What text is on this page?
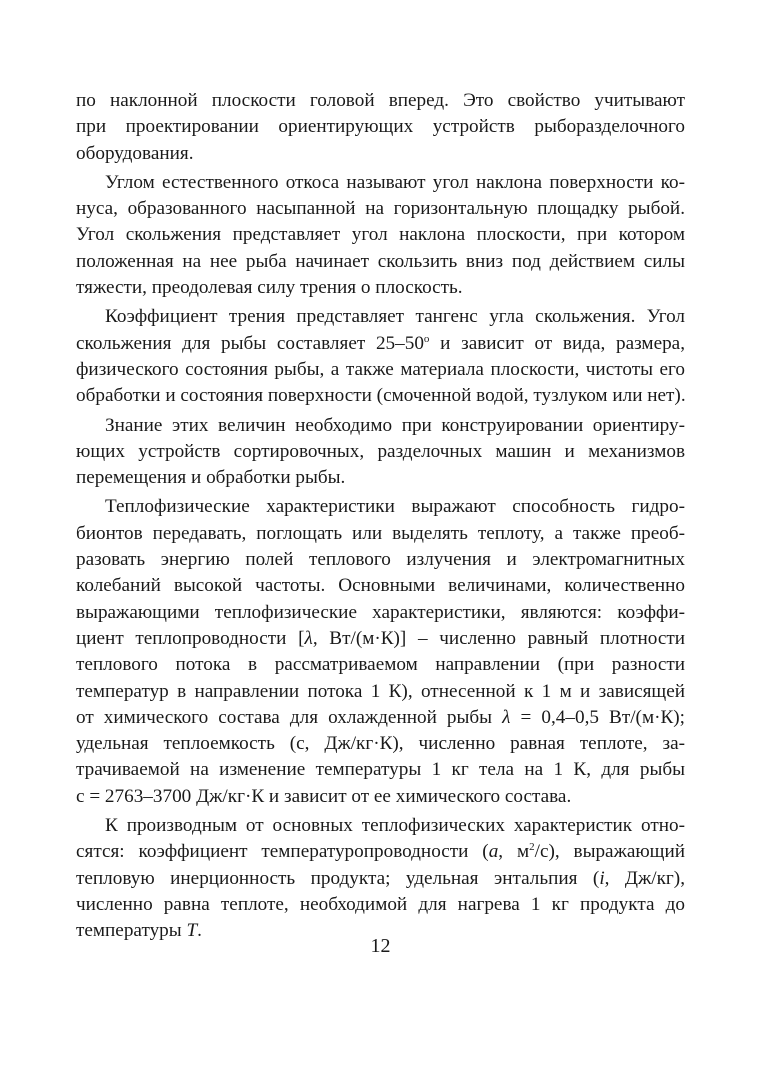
по наклонной плоскости головой вперед. Это свойство учитывают
при проектировании ориентирующих устройств рыборазделочного
оборудования.

Углом естественного откоса называют угол наклона поверхности ко-
нуса, образованного насыпанной на горизонтальную площадку рыбой.
Угол скольжения представляет угол наклона плоскости, при котором
положенная на нее рыба начинает скользить вниз под действием силы
тяжести, преодолевая силу трения о плоскость.

Коэффициент трения представляет тангенс угла скольжения. Угол
скольжения для рыбы составляет $25-50^о$ и зависит от вида, размера,
физического состояния рыбы, а также материала плоскости, чистоты его
обработки и состояния поверхности (смоченной водой, тузлуком или нет).

Знание этих величин необходимо при конструировании ориентиру-
ющих устройств сортировочных, разделочных машин и механизмов
перемещения и обработки рыбы.

Теплофизические характеристики выражают способность гидро-
бионтов передавать, поглощать или выделять теплоту, а также преоб-
разовать энергию полей теплового излучения и электромагнитных
колебаний высокой частоты. Основными величинами, количественно
выражающими теплофизические характеристики, являются: коэффи-
циент теплопроводности [λ, Вт/(м·К)] – численно равный плотности
теплового потока в рассматриваемом направлении (при разности
температур в направлении потока 1 К), отнесенной к 1 м и зависящей
от химического состава для охлажденной рыбы λ = 0,4–0,5 Вт/(м·К);
удельная теплоемкость (с, Дж/кг·К), численно равная теплоте, за-
трачиваемой на изменение температуры 1 кг тела на 1 К, для рыбы
с = 2763–3700 Дж/кг·К и зависит от ее химического состава.

К производным от основных теплофизических характеристик отно-
сятся: коэффициент температуропроводности (a, $м^2/с$), выражающий
тепловую инерционность продукта; удельная энтальпия (i, Дж/кг),
численно равна теплоте, необходимой для нагрева 1 кг продукта до
температуры T.

12
